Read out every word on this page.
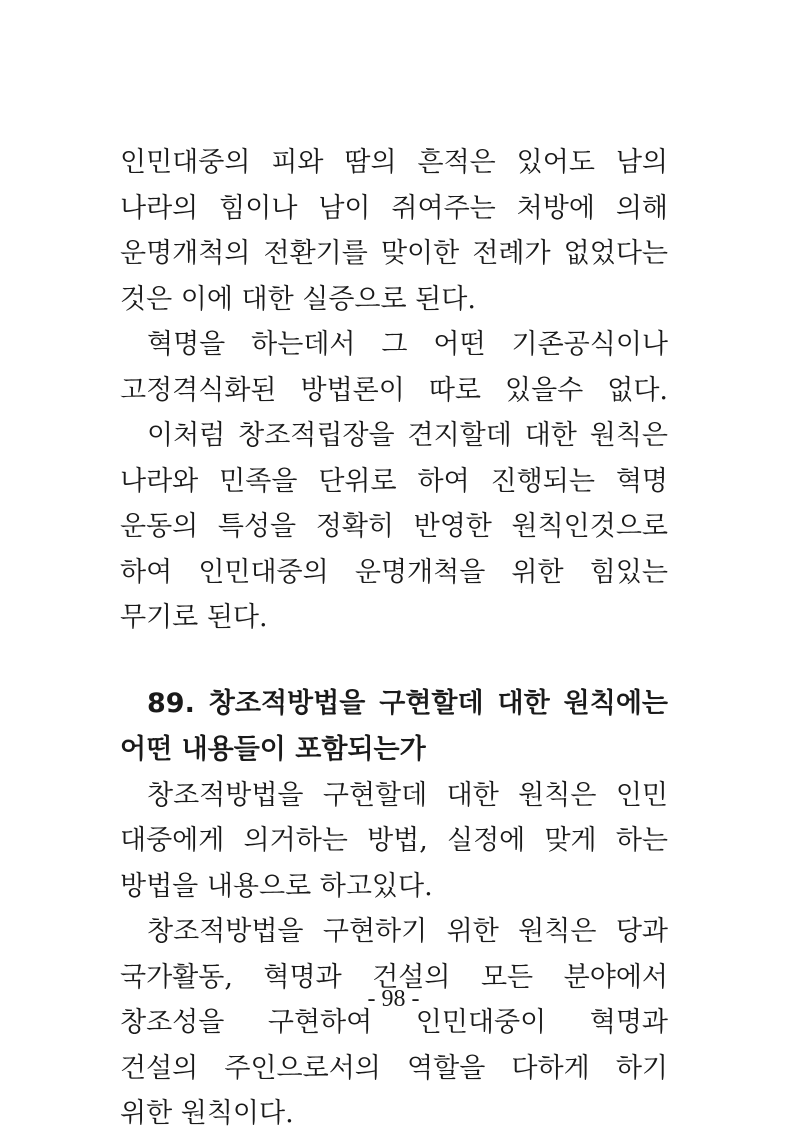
인민대중의 피와 땀의 흔적은 있어도 남의
나라의 힘이나 남이 쥐여주는 처방에 의해
운명개척의 전환기를 맞이한 전례가 없었다는
것은 이에 대한 실증으로 된다.

혁명을 하는데서 그 어떤 기존공식이나
고정격식화된 방법론이 따로 있을수 없다.

이처럼 창조적립장을 견지할데 대한 원칙은
나라와 민족을 단위로 하여 진행되는 혁명
운동의 특성을 정확히 반영한 원칙인것으로
하여 인민대중의 운명개척을 위한 힘있는
무기로 된다.

89. 창조적방법을 구현할데 대한 원칙에는
어떤 내용들이 포함되는가

창조적방법을 구현할데 대한 원칙은 인민
대중에게 의거하는 방법, 실정에 맞게 하는
방법을 내용으로 하고있다.

창조적방법을 구현하기 위한 원칙은 당과
국가활동, 혁명과 건설의 모든 분야에서
창조성을 구현하여 인민대중이 혁명과
건설의 주인으로서의 역할을 다하게 하기
위한 원칙이다.

- 98 -
